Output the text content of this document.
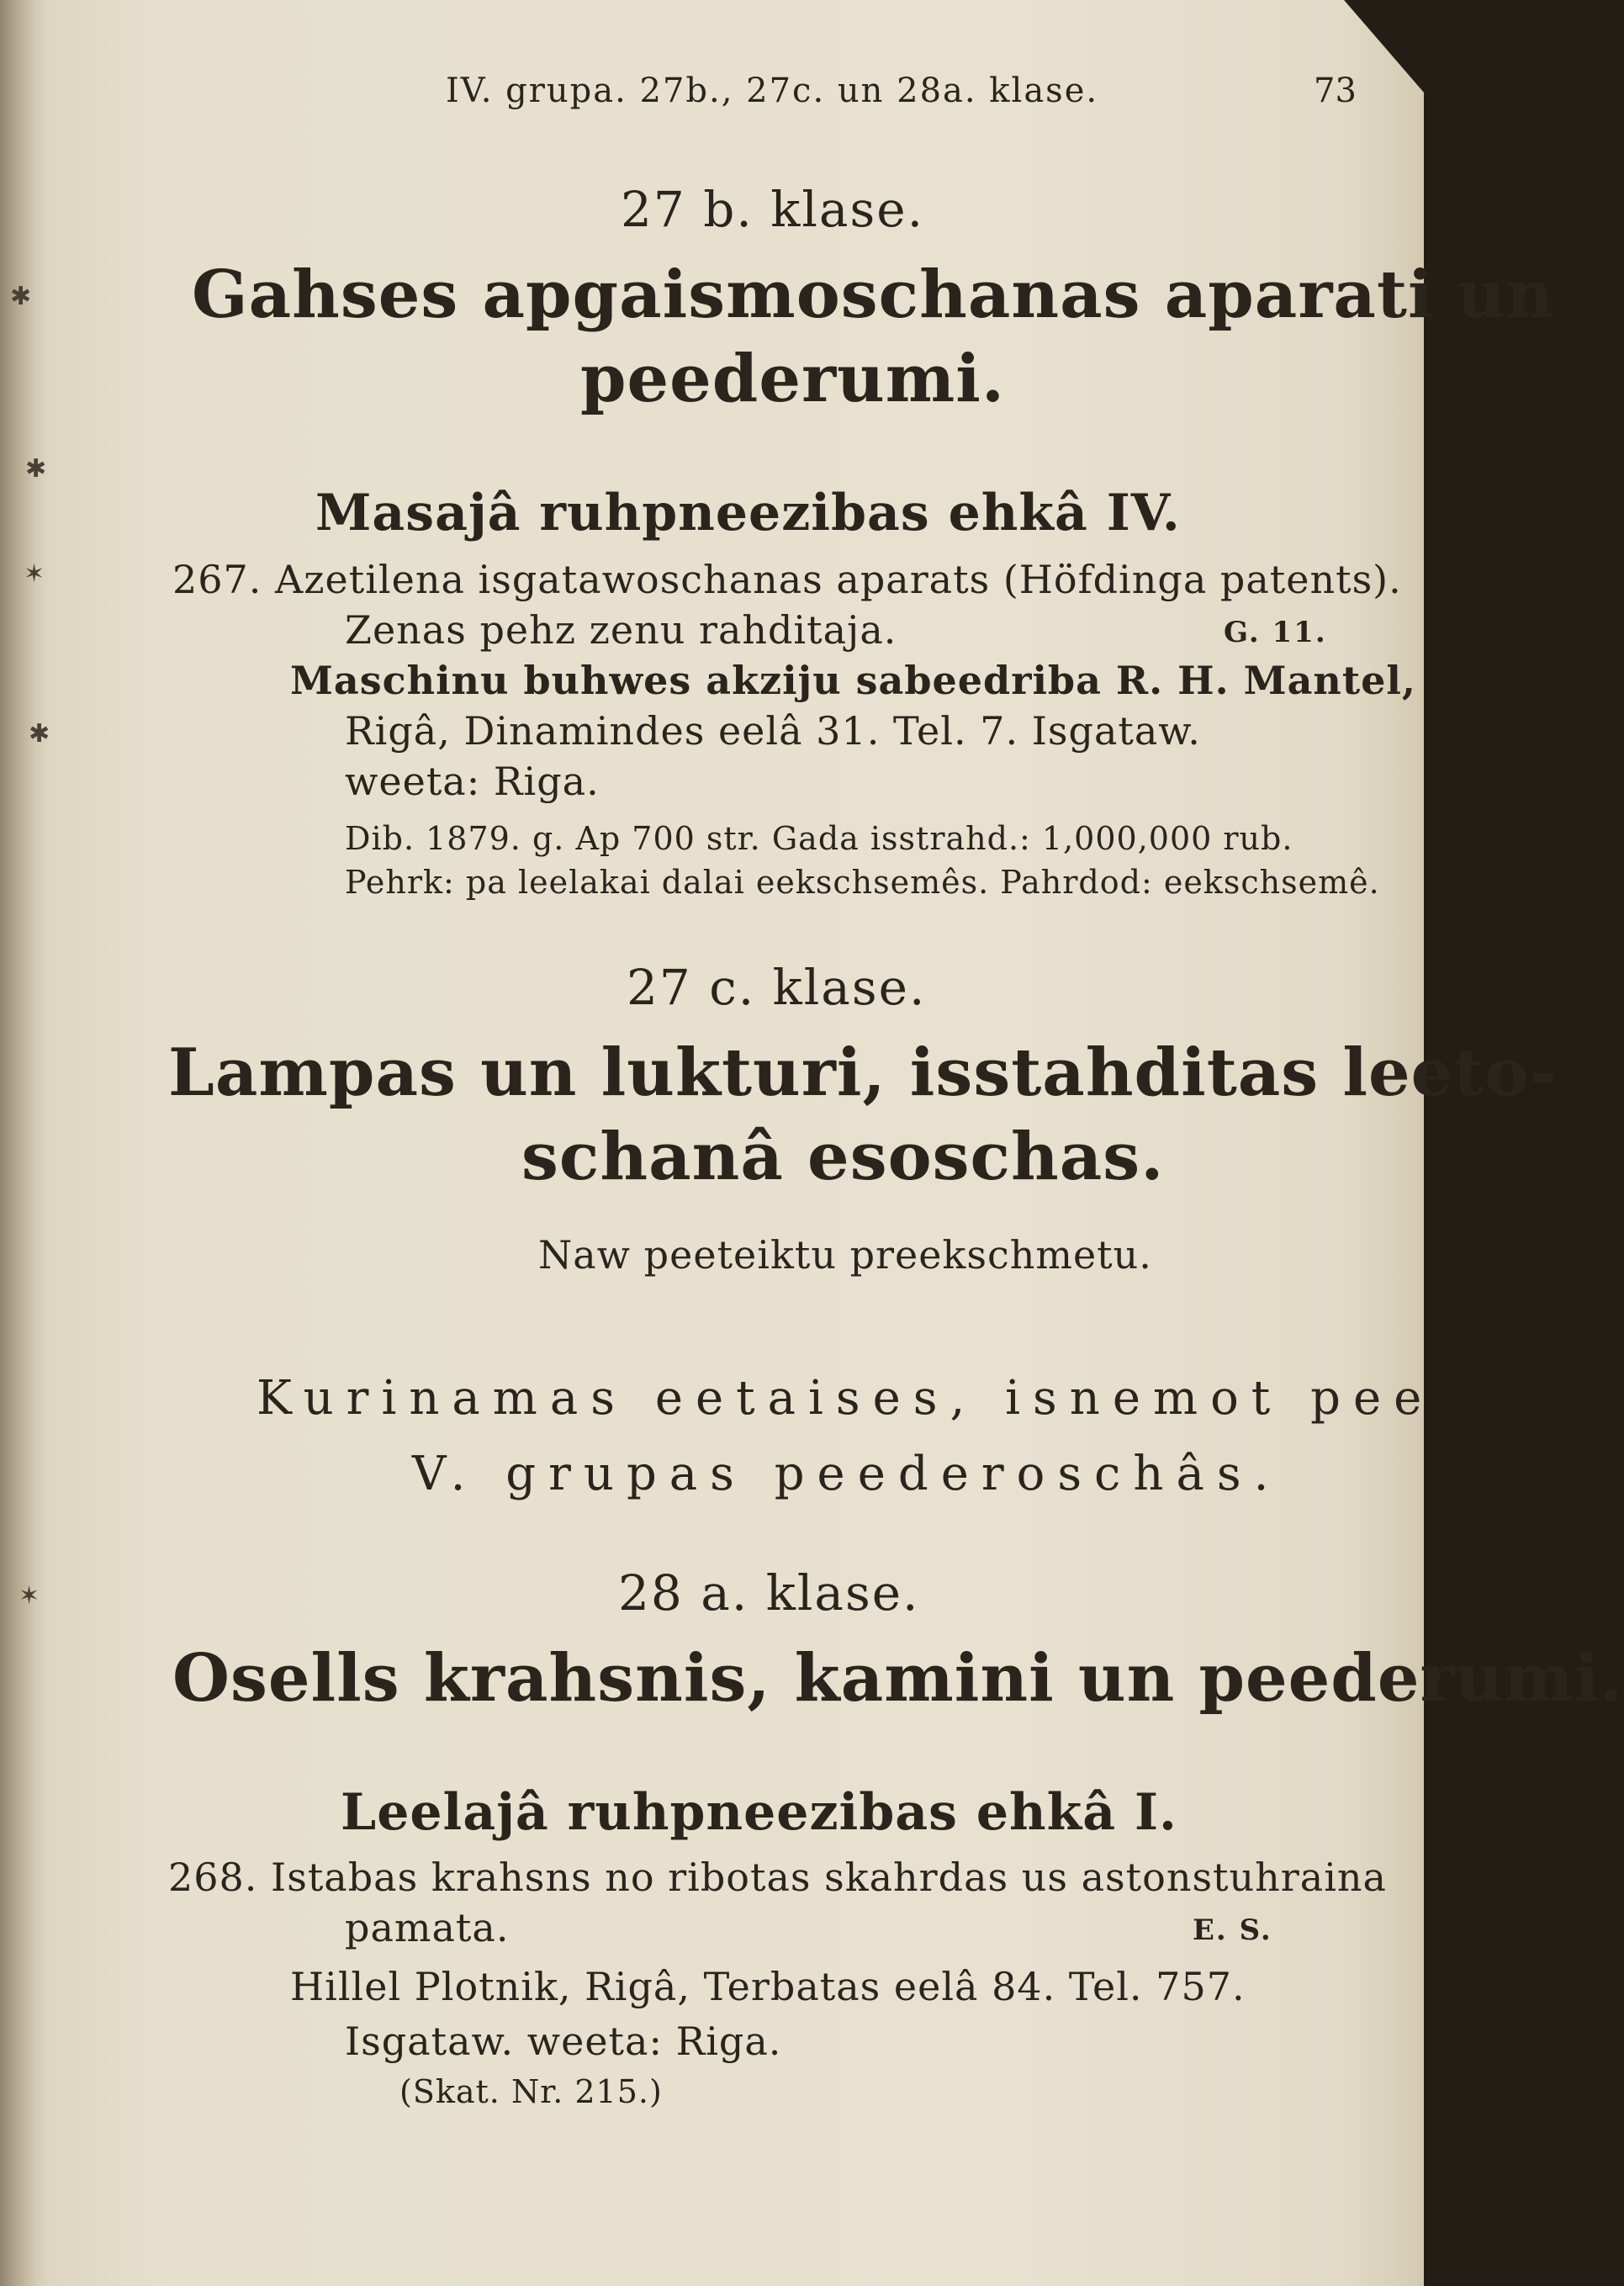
✱
✱
✶
✱
✶
IV. grupa. 27b., 27c. un 28a. klase.	73
27 b. klase.
Gahses apgaismoschanas aparati un
peederumi.
Masajâ ruhpneezibas ehkâ IV.
267. Azetilena isgatawoschanas aparats (Höfdinga patents).
Zenas pehz zenu rahditaja.	G. 11.
Maschinu buhwes akziju sabeedriba R. H. Mantel,
Rigâ, Dinamindes eelâ 31. Tel. 7. Isgataw.
weeta: Riga.
Dib. 1879. g. Ap 700 str. Gada isstrahd.: 1,000,000 rub.
Pehrk: pa leelakai dalai eekschsemês. Pahrdod: eekschsemê.
27 c. klase.
Lampas un lukturi, isstahditas leeto-
schanâ esoschas.
Naw peeteiktu preekschmetu.
Kurinamas eetaises, isnemot pee
V. grupas peederoschâs.
28 a. klase.
Osells krahsnis, kamini un peederumi.
Leelajâ ruhpneezibas ehkâ I.
268. Istabas krahsns no ribotas skahrdas us astonstuhraina
pamata.	E. S.
Hillel Plotnik, Rigâ, Terbatas eelâ 84. Tel. 757.
Isgataw. weeta: Riga.
(Skat. Nr. 215.)
